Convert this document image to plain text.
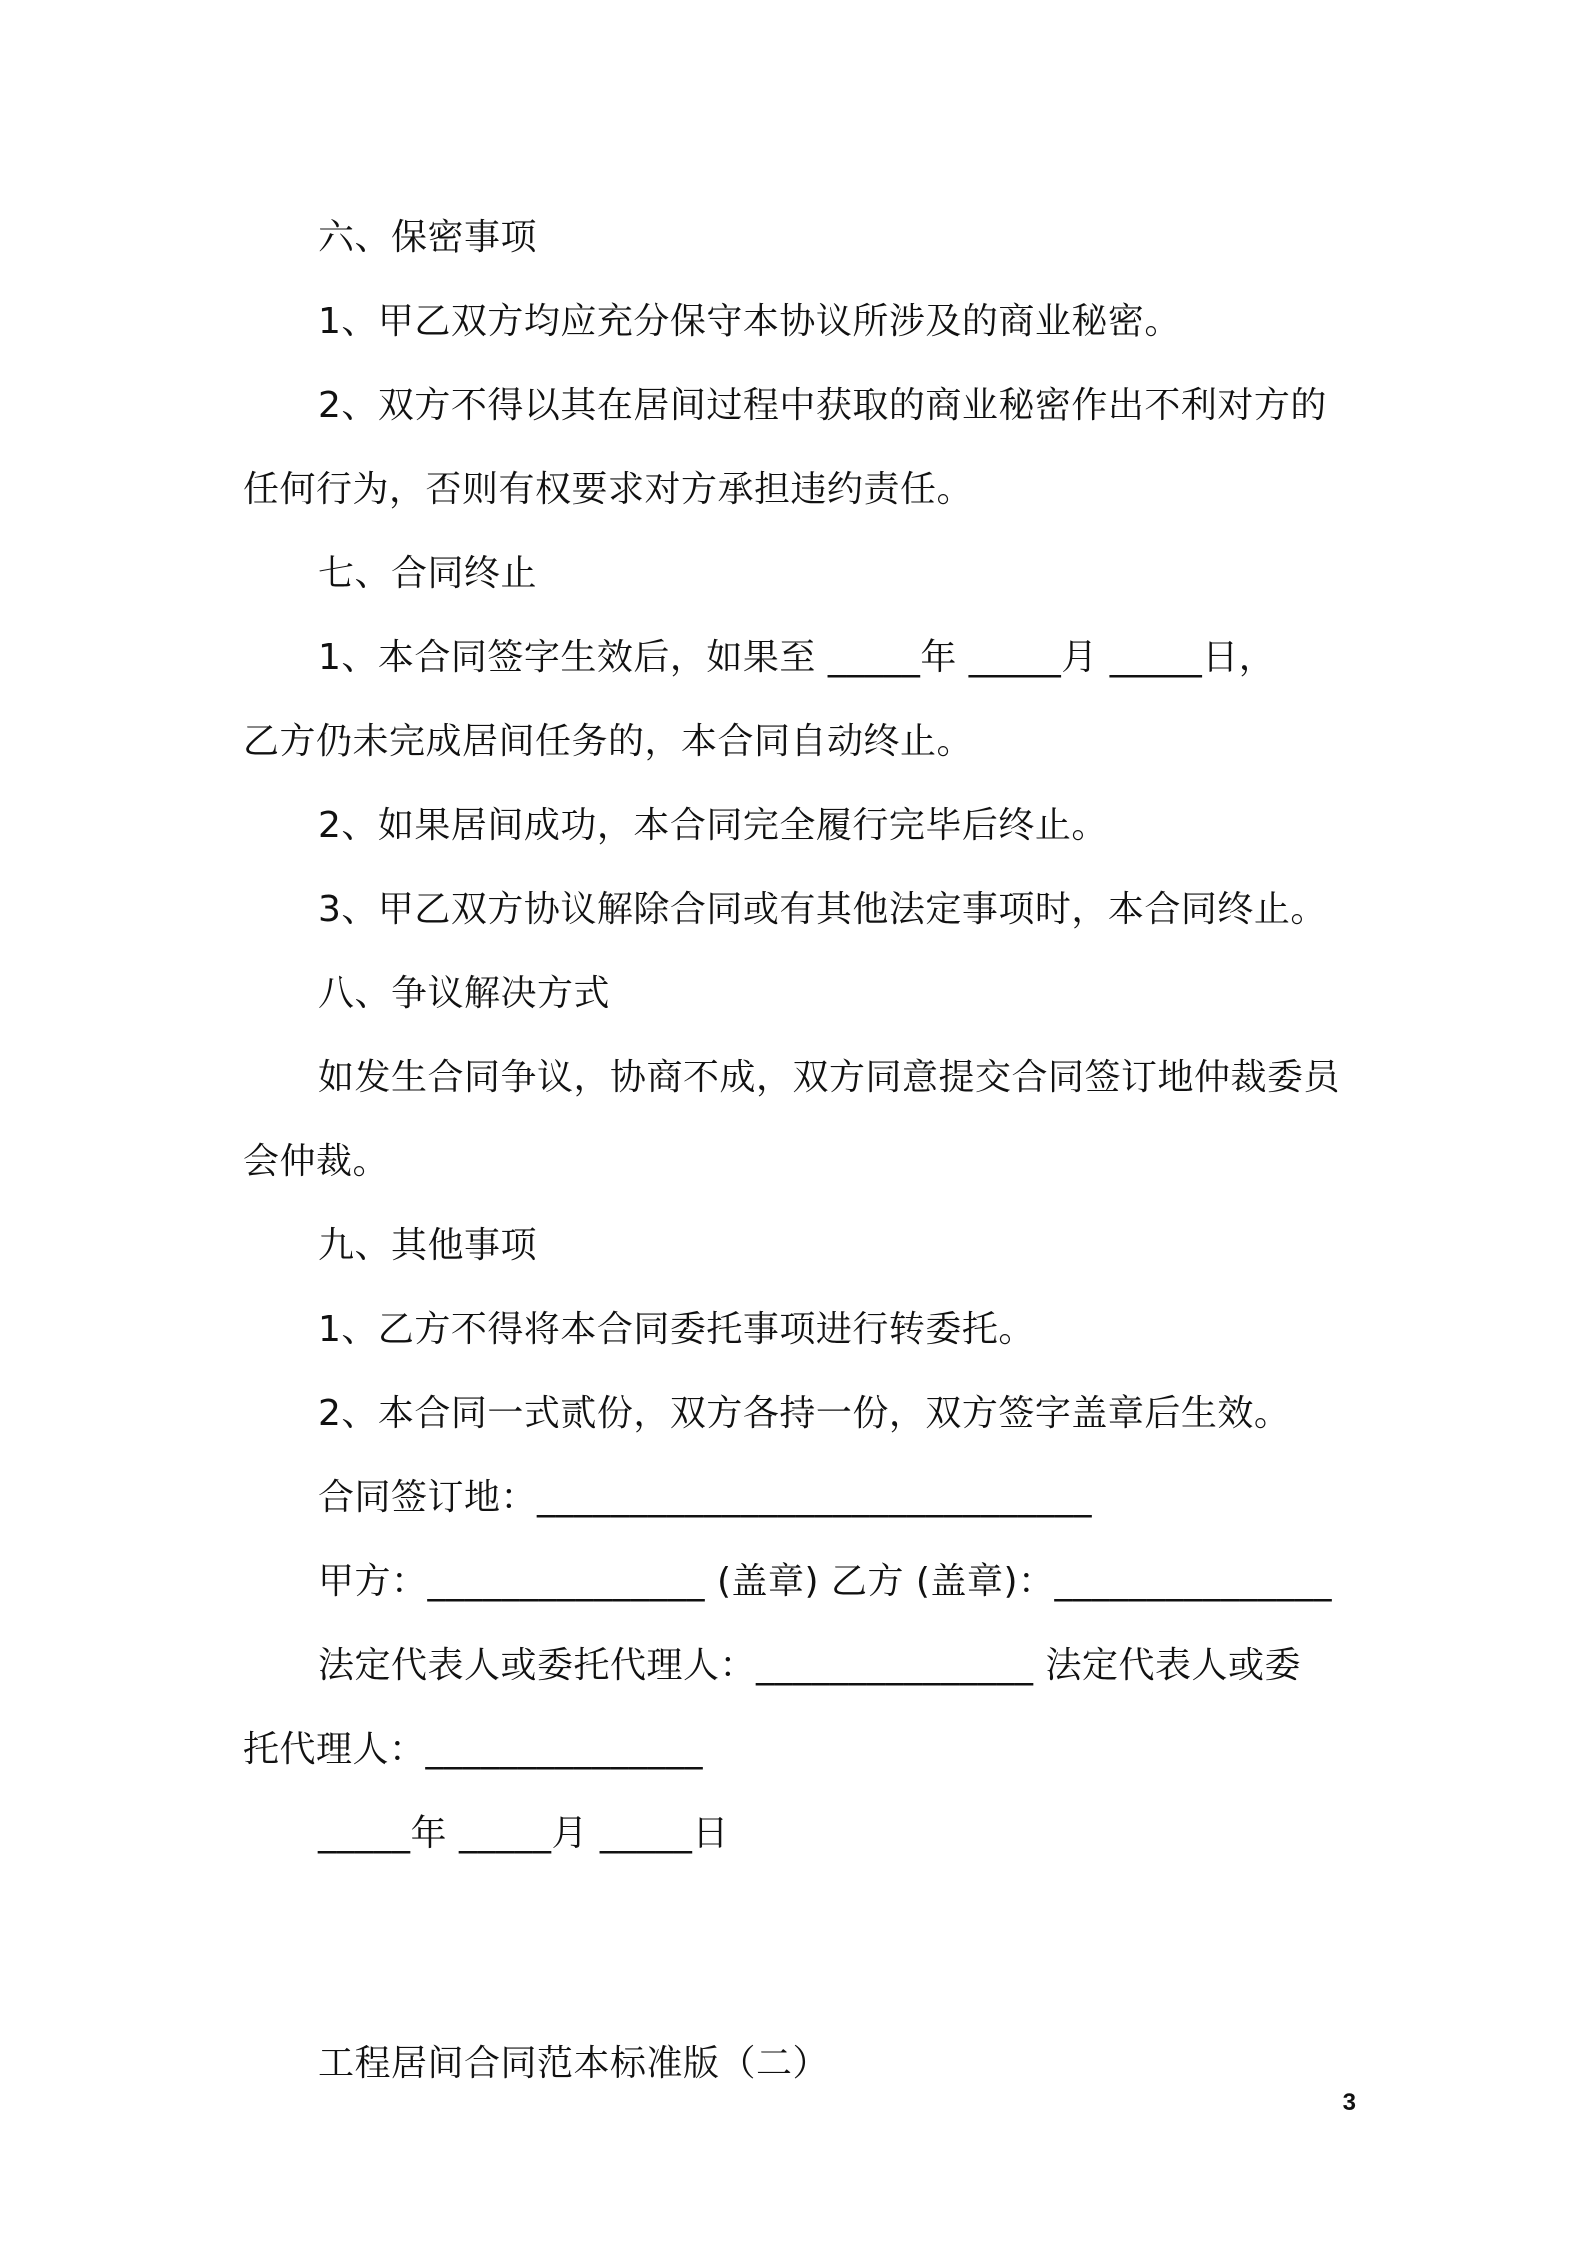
六、保密事项
1、甲乙双方均应充分保守本协议所涉及的商业秘密。
2、双方不得以其在居间过程中获取的商业秘密作出不利对方的
任何行为，否则有权要求对方承担违约责任。
七、合同终止
1、本合同签字生效后，如果至 _____年 _____月 _____日，
乙方仍未完成居间任务的，本合同自动终止。
2、如果居间成功，本合同完全履行完毕后终止。
3、甲乙双方协议解除合同或有其他法定事项时，本合同终止。
八、争议解决方式
如发生合同争议，协商不成，双方同意提交合同签订地仲裁委员
会仲裁。
九、其他事项
1、乙方不得将本合同委托事项进行转委托。
2、本合同一式贰份，双方各持一份，双方签字盖章后生效。
合同签订地：______________________________
甲方：_______________ (盖章) 乙方 (盖章)：_______________
法定代表人或委托代理人：_______________ 法定代表人或委
托代理人：_______________
_____年 _____月 _____日
工程居间合同范本标准版（二）
3
